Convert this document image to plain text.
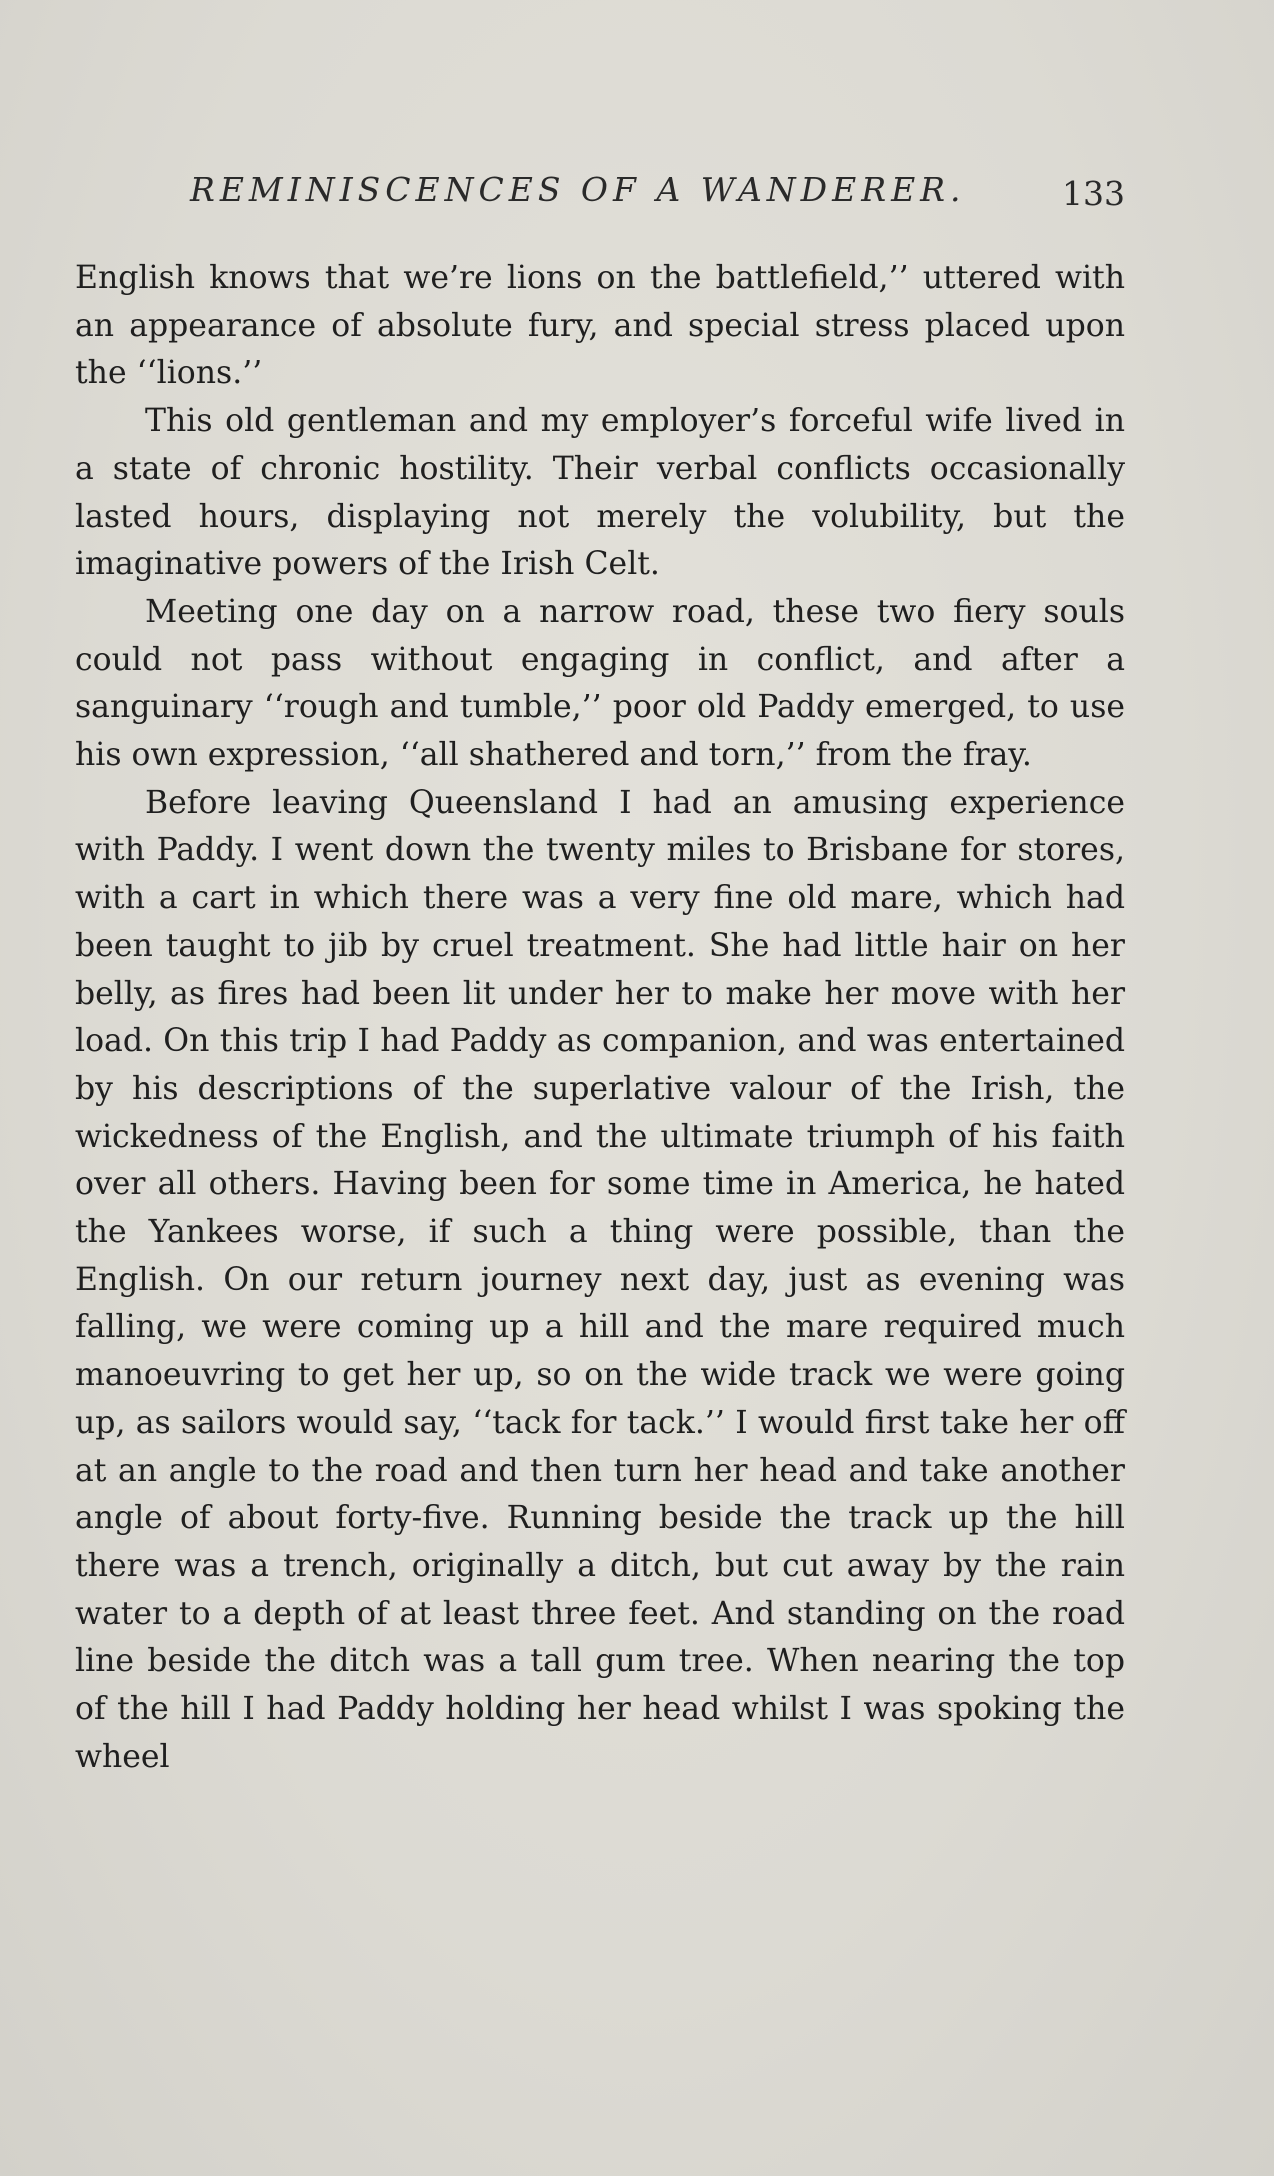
REMINISCENCES OF A WANDERER.	133

English knows that we’re lions on the battlefield,’’ uttered with an appearance of absolute fury, and special stress placed upon the ‘‘lions.’’

This old gentleman and my employer’s forceful wife lived in a state of chronic hostility. Their verbal conflicts occasionally lasted hours, displaying not merely the volubility, but the imaginative powers of the Irish Celt.

Meeting one day on a narrow road, these two fiery souls could not pass without engaging in conflict, and after a sanguinary ‘‘rough and tumble,’’ poor old Paddy emerged, to use his own expression, ‘‘all shathered and torn,’’ from the fray.

Before leaving Queensland I had an amusing experience with Paddy. I went down the twenty miles to Brisbane for stores, with a cart in which there was a very fine old mare, which had been taught to jib by cruel treatment. She had little hair on her belly, as fires had been lit under her to make her move with her load. On this trip I had Paddy as companion, and was entertained by his descriptions of the superlative valour of the Irish, the wickedness of the English, and the ultimate triumph of his faith over all others. Having been for some time in America, he hated the Yankees worse, if such a thing were possible, than the English. On our return journey next day, just as evening was falling, we were coming up a hill and the mare required much manoeuvring to get her up, so on the wide track we were going up, as sailors would say, ‘‘tack for tack.’’ I would first take her off at an angle to the road and then turn her head and take another angle of about forty-five. Running beside the track up the hill there was a trench, originally a ditch, but cut away by the rain water to a depth of at least three feet. And standing on the road line beside the ditch was a tall gum tree. When nearing the top of the hill I had Paddy holding her head whilst I was spoking the wheel
